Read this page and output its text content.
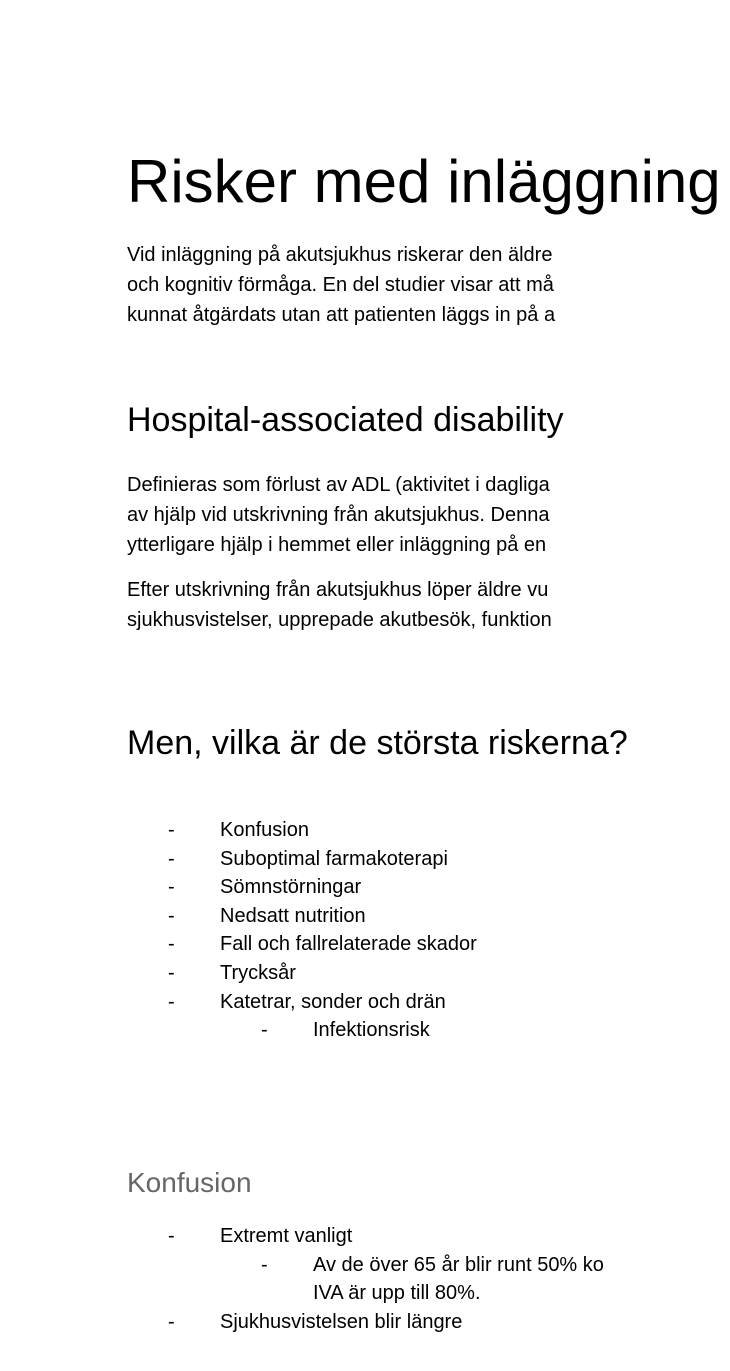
Risker med inläggning

Vid inläggning på akutsjukhus riskerar den äldre
och kognitiv förmåga. En del studier visar att må
kunnat åtgärdats utan att patienten läggs in på a

Hospital-associated disability

Definieras som förlust av ADL (aktivitet i dagliga
av hjälp vid utskrivning från akutsjukhus. Denna
ytterligare hjälp i hemmet eller inläggning på en

Efter utskrivning från akutsjukhus löper äldre vu
sjukhusvistelser, upprepade akutbesök, funktion

Men, vilka är de största riskerna?
-	Konfusion
-	Suboptimal farmakoterapi
-	Sömnstörningar
-	Nedsatt nutrition
-	Fall och fallrelaterade skador
-	Trycksår
-	Katetrar, sonder och drän
-	Infektionsrisk
Konfusion
-	Extremt vanligt
- Av de över 65 år blir runt 50% ko
IVA är upp till 80%.
-	Sjukhusvistelsen blir längre
